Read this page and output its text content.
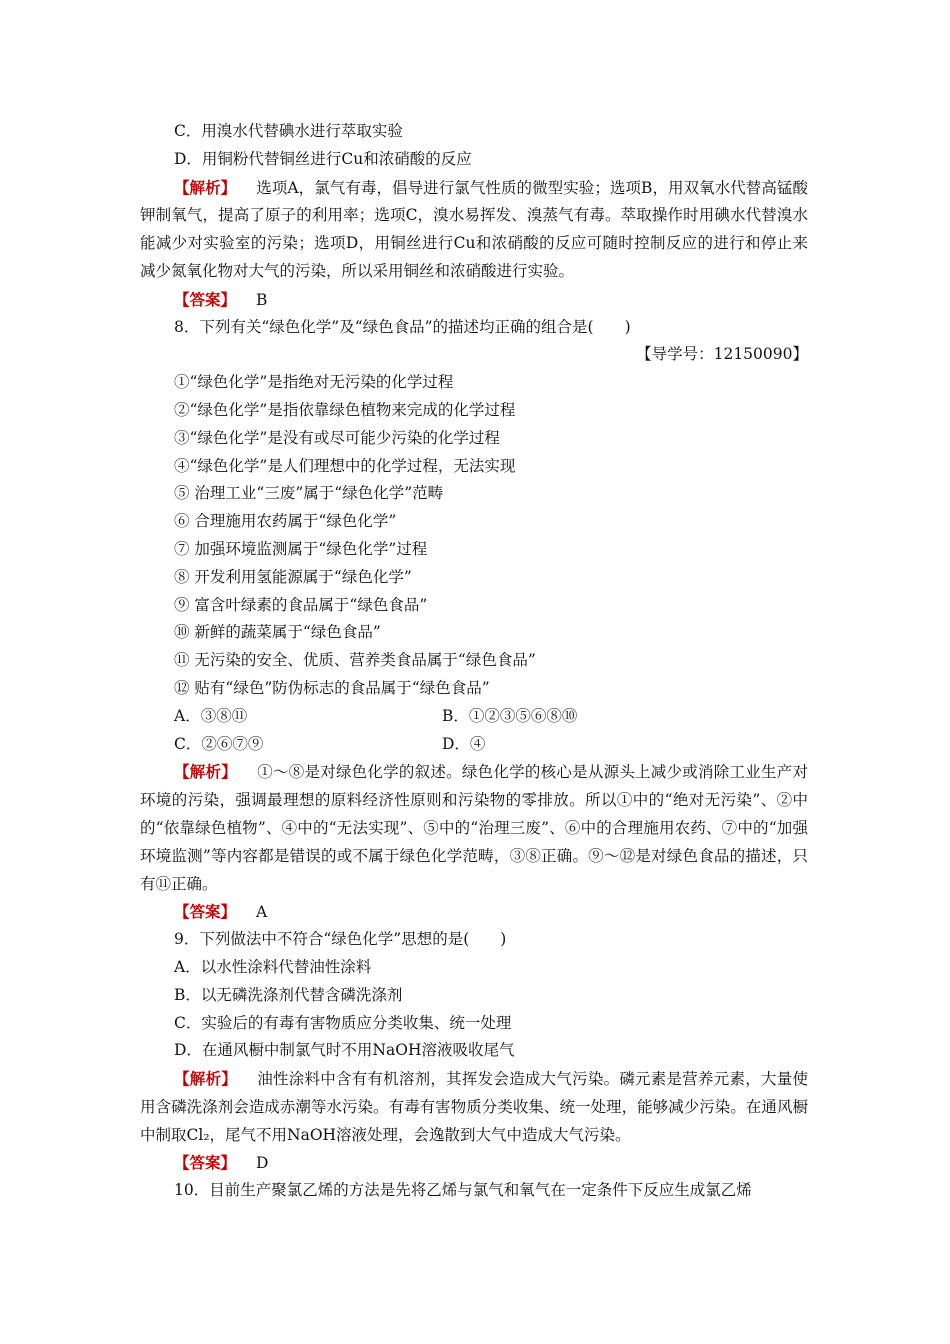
C．用溴水代替碘水进行萃取实验
D．用铜粉代替铜丝进行Cu和浓硝酸的反应
【解析】 选项A，氯气有毒，倡导进行氯气性质的微型实验；选项B，用双氧水代替高锰酸钾制氧气，提高了原子的利用率；选项C，溴水易挥发、溴蒸气有毒。萃取操作时用碘水代替溴水能减少对实验室的污染；选项D，用铜丝进行Cu和浓硝酸的反应可随时控制反应的进行和停止来减少氮氧化物对大气的污染，所以采用铜丝和浓硝酸进行实验。
【答案】 B
8．下列有关“绿色化学”及“绿色食品”的描述均正确的组合是(　　)
【导学号：12150090】
①“绿色化学”是指绝对无污染的化学过程
②“绿色化学”是指依靠绿色植物来完成的化学过程
③“绿色化学”是没有或尽可能少污染的化学过程
④“绿色化学”是人们理想中的化学过程，无法实现
⑤ 治理工业“三废”属于“绿色化学”范畴
⑥ 合理施用农药属于“绿色化学”
⑦ 加强环境监测属于“绿色化学”过程
⑧ 开发利用氢能源属于“绿色化学”
⑨ 富含叶绿素的食品属于“绿色食品”
⑩ 新鲜的蔬菜属于“绿色食品”
⑪ 无污染的安全、优质、营养类食品属于“绿色食品”
⑫ 贴有“绿色”防伪标志的食品属于“绿色食品”
A．③⑧⑪	B．①②③⑤⑥⑧⑩
C．②⑥⑦⑨	D．④
【解析】 ①～⑧是对绿色化学的叙述。绿色化学的核心是从源头上减少或消除工业生产对环境的污染，强调最理想的原料经济性原则和污染物的零排放。所以①中的“绝对无污染”、②中的“依靠绿色植物”、④中的“无法实现”、⑤中的“治理三废”、⑥中的合理施用农药、⑦中的“加强环境监测”等内容都是错误的或不属于绿色化学范畴，③⑧正确。⑨～⑫是对绿色食品的描述，只有⑪正确。
【答案】 A
9．下列做法中不符合“绿色化学”思想的是(　　)
A．以水性涂料代替油性涂料
B．以无磷洗涤剂代替含磷洗涤剂
C．实验后的有毒有害物质应分类收集、统一处理
D．在通风橱中制氯气时不用NaOH溶液吸收尾气
【解析】 油性涂料中含有有机溶剂，其挥发会造成大气污染。磷元素是营养元素，大量使用含磷洗涤剂会造成赤潮等水污染。有毒有害物质分类收集、统一处理，能够减少污染。在通风橱中制取Cl₂，尾气不用NaOH溶液处理，会逸散到大气中造成大气污染。
【答案】 D
10．目前生产聚氯乙烯的方法是先将乙烯与氯气和氧气在一定条件下反应生成氯乙烯
